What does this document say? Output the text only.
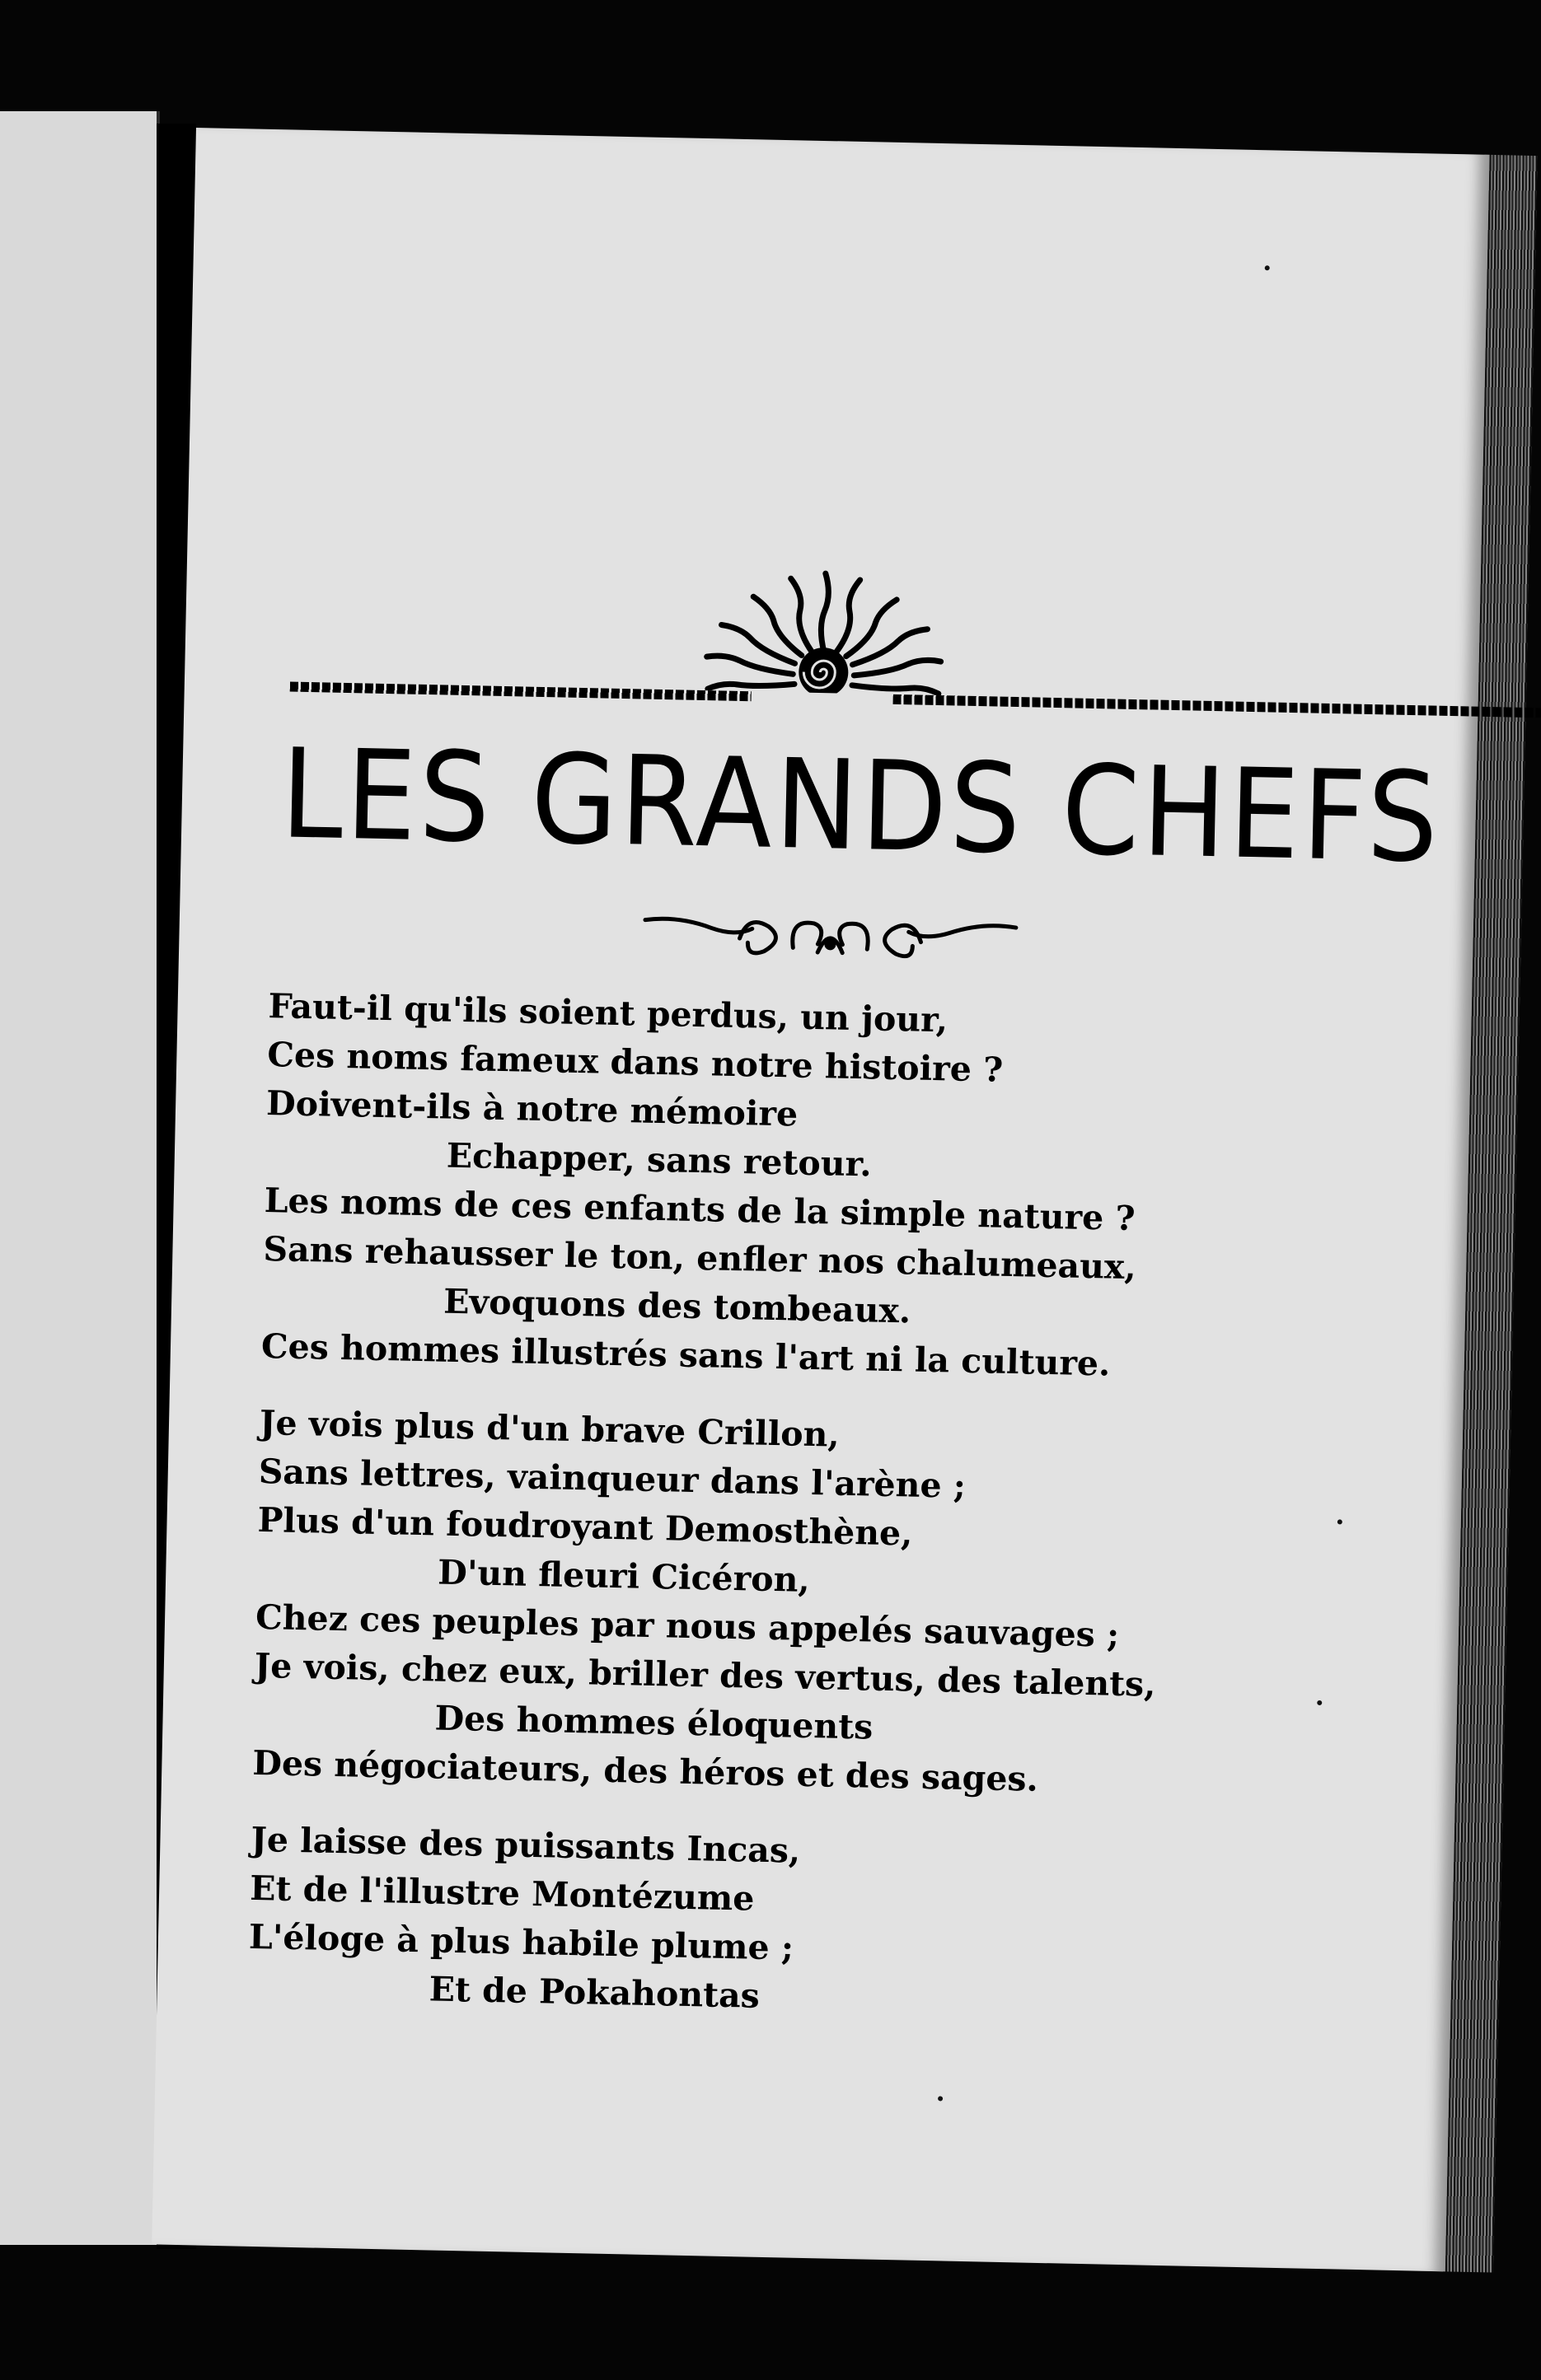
LES GRANDS CHEFS
Faut-il qu'ils soient perdus, un jour,
Ces noms fameux dans notre histoire ?
Doivent-ils à notre mémoire
Echapper, sans retour.
Les noms de ces enfants de la simple nature ?
Sans rehausser le ton, enfler nos chalumeaux,
Evoquons des tombeaux.
Ces hommes illustrés sans l'art ni la culture.
Je vois plus d'un brave Crillon,
Sans lettres, vainqueur dans l'arène ;
Plus d'un foudroyant Demosthène,
D'un fleuri Cicéron,
Chez ces peuples par nous appelés sauvages ;
Je vois, chez eux, briller des vertus, des talents,
Des hommes éloquents
Des négociateurs, des héros et des sages.
Je laisse des puissants Incas,
Et de l'illustre Montézume
L'éloge à plus habile plume ;
Et de Pokahontas
